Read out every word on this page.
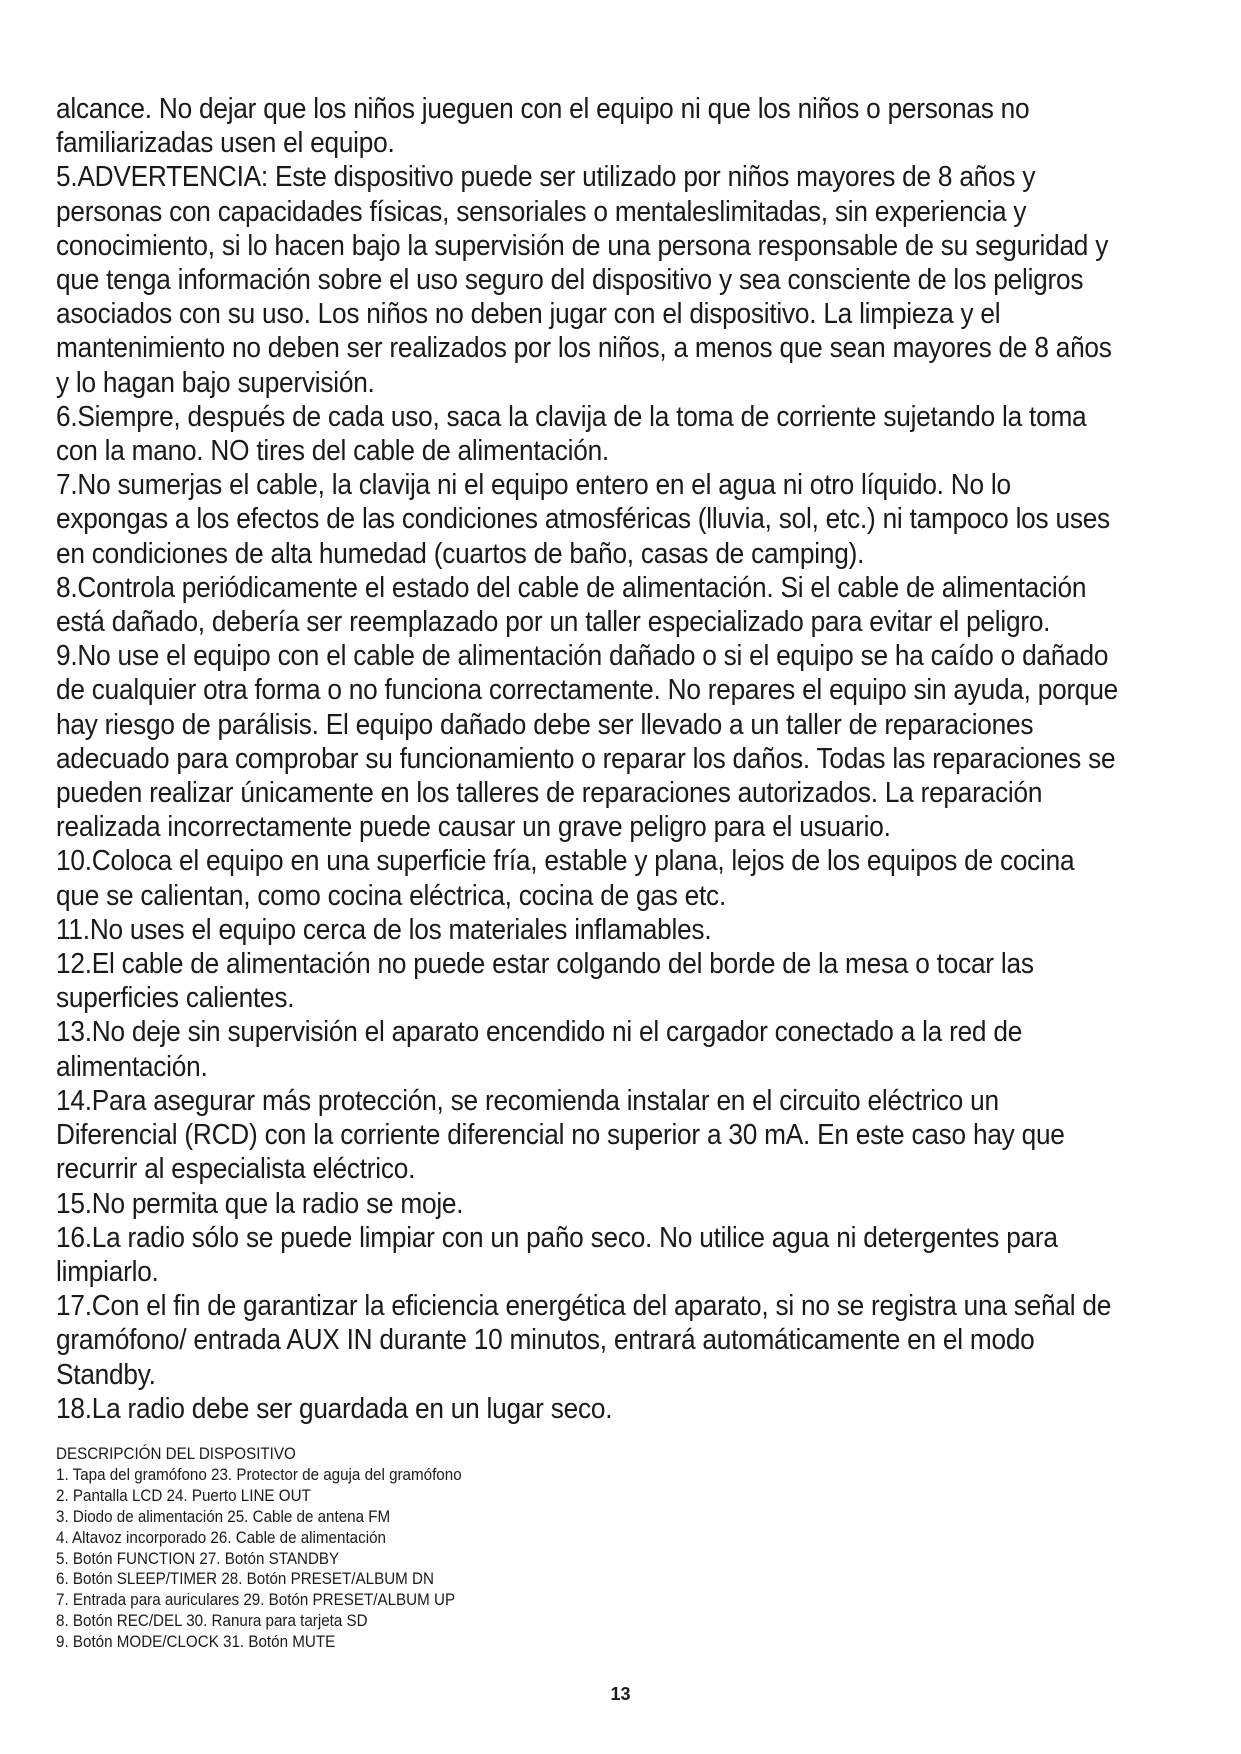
alcance. No dejar que los niños jueguen con el equipo ni que los niños o personas no
familiarizadas usen el equipo.

5.ADVERTENCIA: Este dispositivo puede ser utilizado por niños mayores de 8 años y
personas con capacidades físicas, sensoriales o mentaleslimitadas, sin experiencia y
conocimiento, si lo hacen bajo la supervisión de una persona responsable de su seguridad y
que tenga información sobre el uso seguro del dispositivo y sea consciente de los peligros
asociados con su uso. Los niños no deben jugar con el dispositivo. La limpieza y el
mantenimiento no deben ser realizados por los niños, a menos que sean mayores de 8 años
y lo hagan bajo supervisión.

6.Siempre, después de cada uso, saca la clavija de la toma de corriente sujetando la toma
con la mano. NO tires del cable de alimentación.

7.No sumerjas el cable, la clavija ni el equipo entero en el agua ni otro líquido. No lo
expongas a los efectos de las condiciones atmosféricas (lluvia, sol, etc.) ni tampoco los uses
en condiciones de alta humedad (cuartos de baño, casas de camping).

8.Controla periódicamente el estado del cable de alimentación. Si el cable de alimentación
está dañado, debería ser reemplazado por un taller especializado para evitar el peligro.

9.No use el equipo con el cable de alimentación dañado o si el equipo se ha caído o dañado
de cualquier otra forma o no funciona correctamente. No repares el equipo sin ayuda, porque
hay riesgo de parálisis. El equipo dañado debe ser llevado a un taller de reparaciones
adecuado para comprobar su funcionamiento o reparar los daños. Todas las reparaciones se
pueden realizar únicamente en los talleres de reparaciones autorizados. La reparación
realizada incorrectamente puede causar un grave peligro para el usuario.

10.Coloca el equipo en una superficie fría, estable y plana, lejos de los equipos de cocina
que se calientan, como cocina eléctrica, cocina de gas etc.

11.No uses el equipo cerca de los materiales inflamables.

12.El cable de alimentación no puede estar colgando del borde de la mesa o tocar las
superficies calientes.

13.No deje sin supervisión el aparato encendido ni el cargador conectado a la red de
alimentación.

14.Para asegurar más protección, se recomienda instalar en el circuito eléctrico un
Diferencial (RCD) con la corriente diferencial no superior a 30 mA. En este caso hay que
recurrir al especialista eléctrico.

15.No permita que la radio se moje.

16.La radio sólo se puede limpiar con un paño seco. No utilice agua ni detergentes para
limpiarlo.

17.Con el fin de garantizar la eficiencia energética del aparato, si no se registra una señal de
gramófono/ entrada AUX IN durante 10 minutos, entrará automáticamente en el modo
Standby.

18.La radio debe ser guardada en un lugar seco.

DESCRIPCIÓN DEL DISPOSITIVO

1. Tapa del gramófono 23. Protector de aguja del gramófono
2. Pantalla LCD 24. Puerto LINE OUT
3. Diodo de alimentación 25. Cable de antena FM
4. Altavoz incorporado 26. Cable de alimentación
5. Botón FUNCTION 27. Botón STANDBY
6. Botón SLEEP/TIMER 28. Botón PRESET/ALBUM DN
7. Entrada para auriculares 29. Botón PRESET/ALBUM UP
8. Botón REC/DEL 30. Ranura para tarjeta SD
9. Botón MODE/CLOCK 31. Botón MUTE
13
